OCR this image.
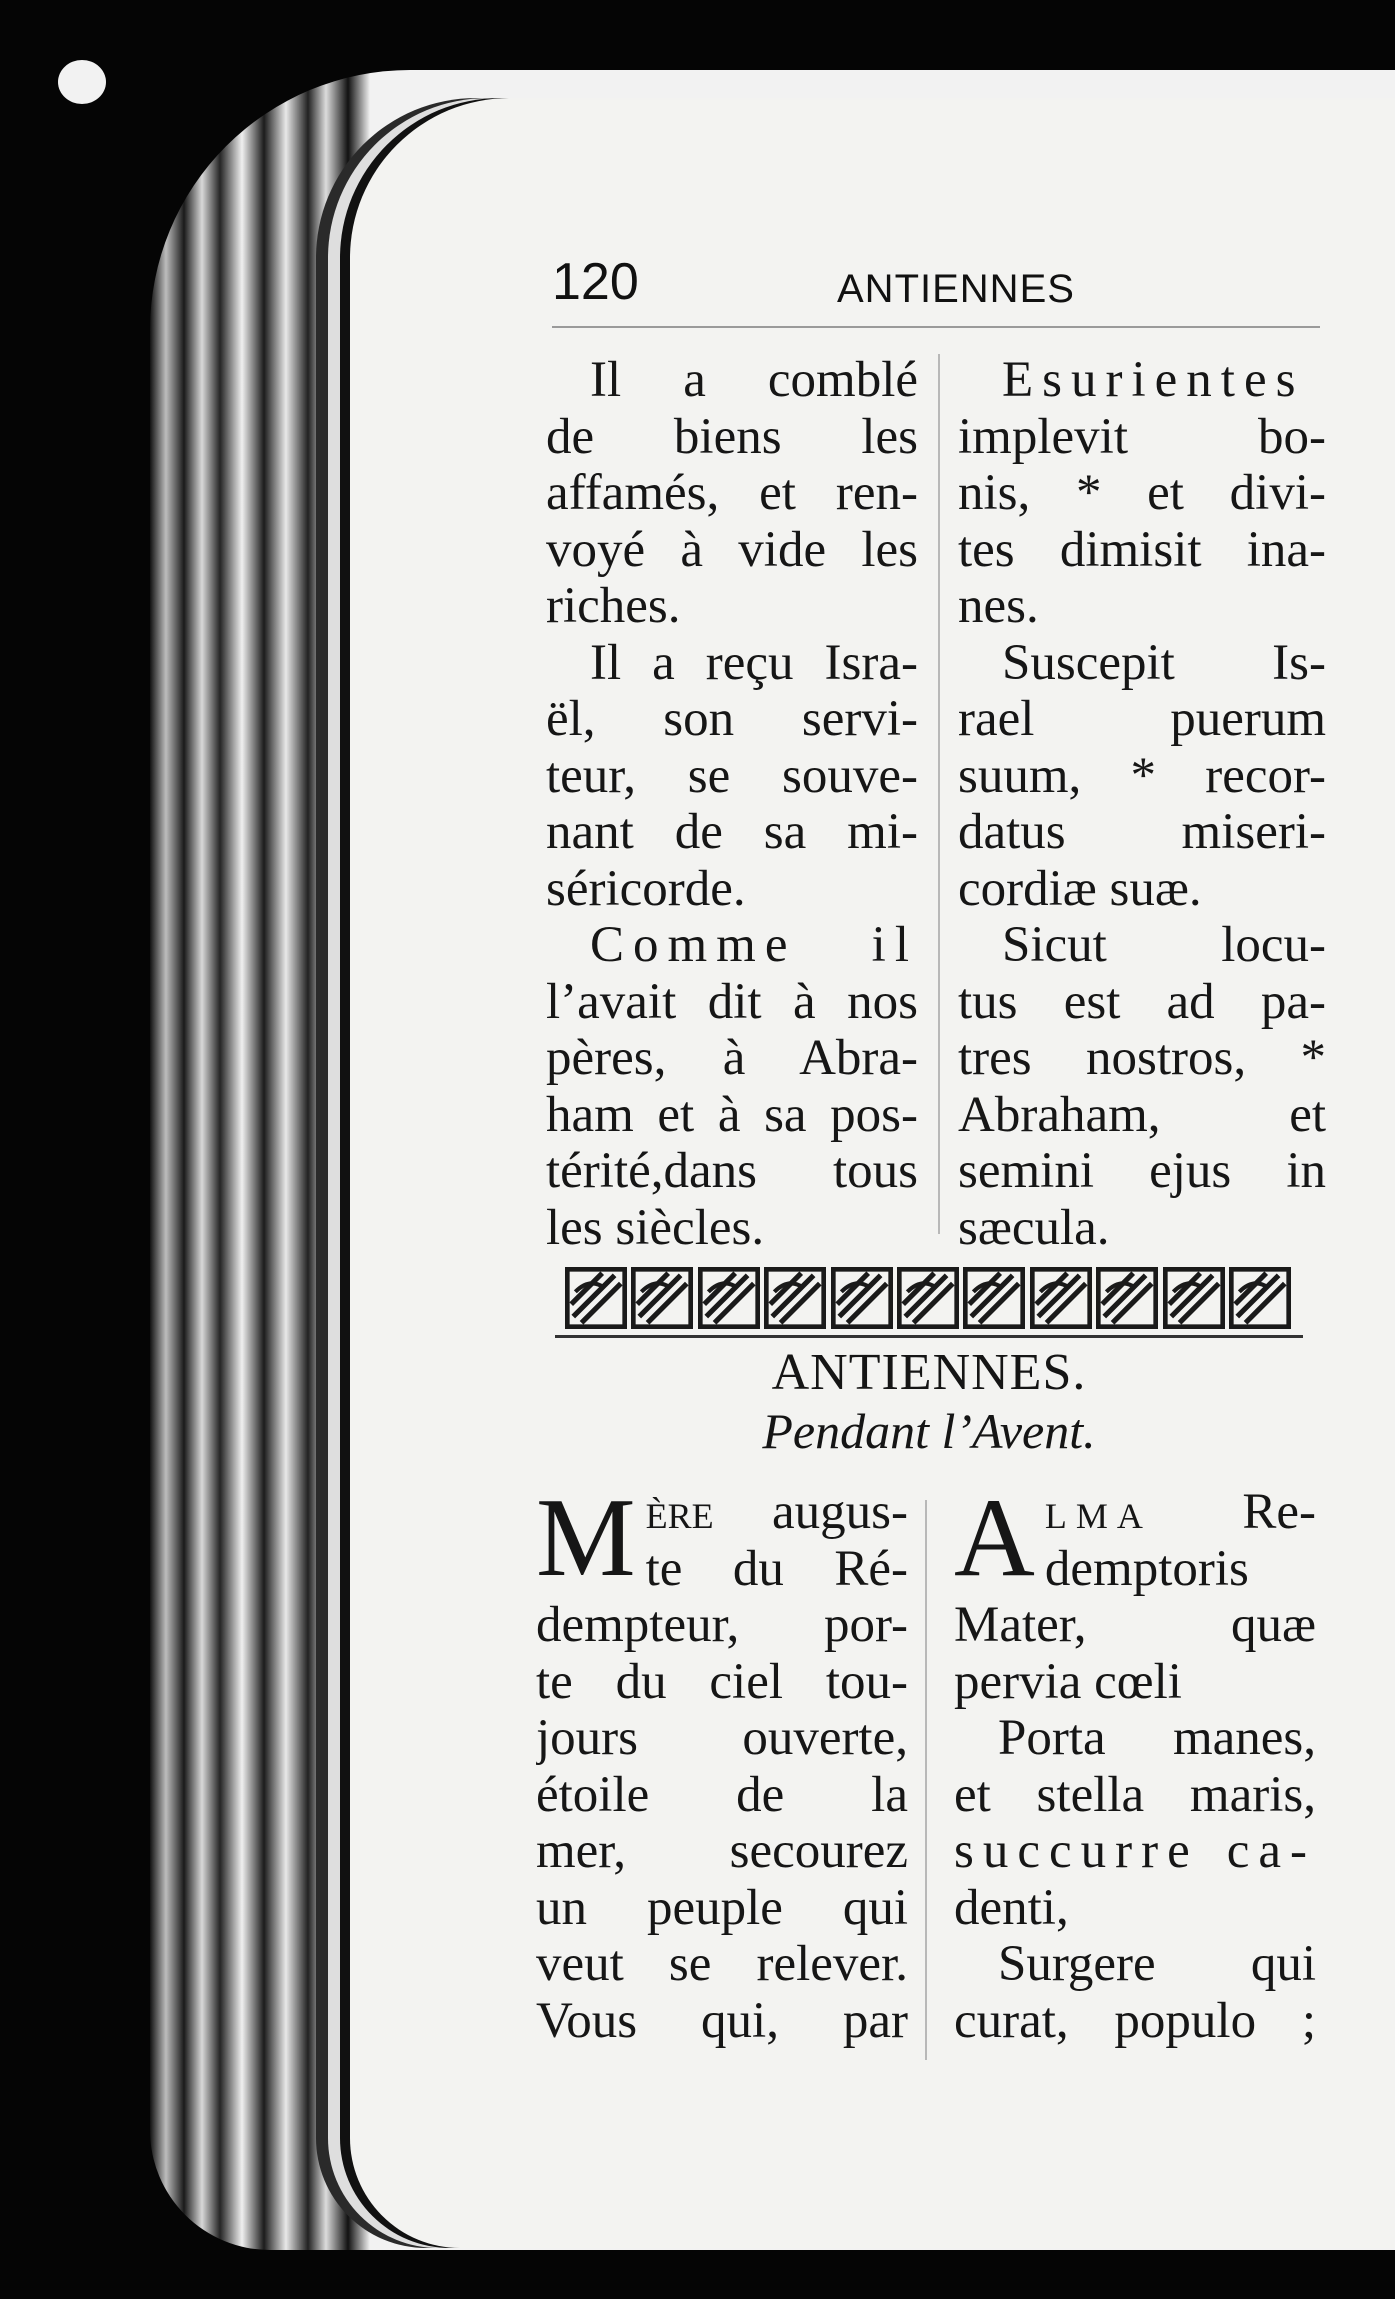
120	ANTIENNES
Il a comblé
de biens les
affamés, et ren-
voyé à vide les
riches.
Il a reçu Isra-
ël, son servi-
teur, se souve-
nant de sa mi-
séricorde.
Comme il
l’avait dit à nos
pères, à Abra-
ham et à sa pos-
térité,dans tous
les siècles.
Esurientes
implevit bo-
nis, * et divi-
tes dimisit ina-
nes.
Suscepit Is-
rael puerum
suum, * recor-
datus miseri-
cordiæ suæ.
Sicut locu-
tus est ad pa-
tres nostros, *
Abraham, et
semini ejus in
sæcula.
ANTIENNES.
Pendant l’Avent.
M ère augus-
te du Ré-
dempteur, por-
te du ciel tou-
jours ouverte,
étoile de la
mer, secourez
un peuple qui
veut se relever.
Vous qui, par
A lma Re-
demptoris
Mater, quæ
pervia cœli
Porta manes,
et stella maris,
succurre ca-
denti,
Surgere qui
curat, populo ;
